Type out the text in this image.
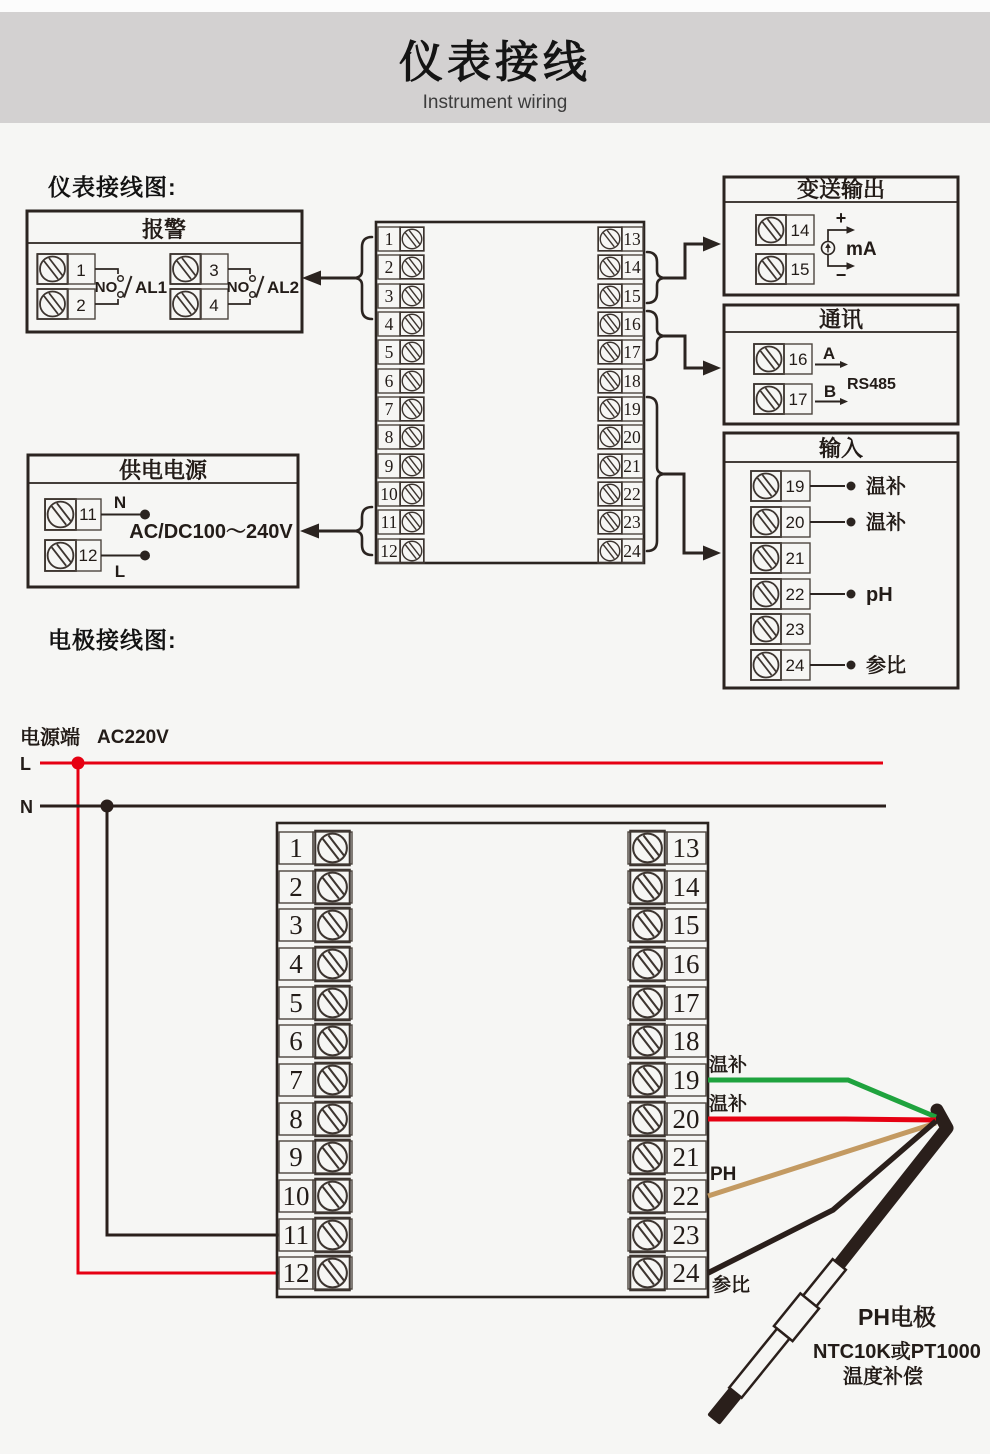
仪表接线
Instrument wiring
仪表接线图:
电极接线图:
报警
1
2
NO AL1
3
4
NO AL2
1
2
3
4
5
6
7
8
9
10
11
12
13
14
15
16
17
18
19
20
21
22
23
24
变送输出
14
15
+
−
mA
通讯
16
17
A
B RS485
输入
19	温补
20	温补
21
22	pH
23
24	参比
供电电源
11
N
12
L
AC/DC100～240V
电源端 AC220V
L
N
1
2
3
4
5
6
7
8
9
10
11
12
13
14
15
16
17
18
19
20
21
22
23
24
温补
温补
PH
参比
PH电极
NTC10K或PT1000
温度补偿
